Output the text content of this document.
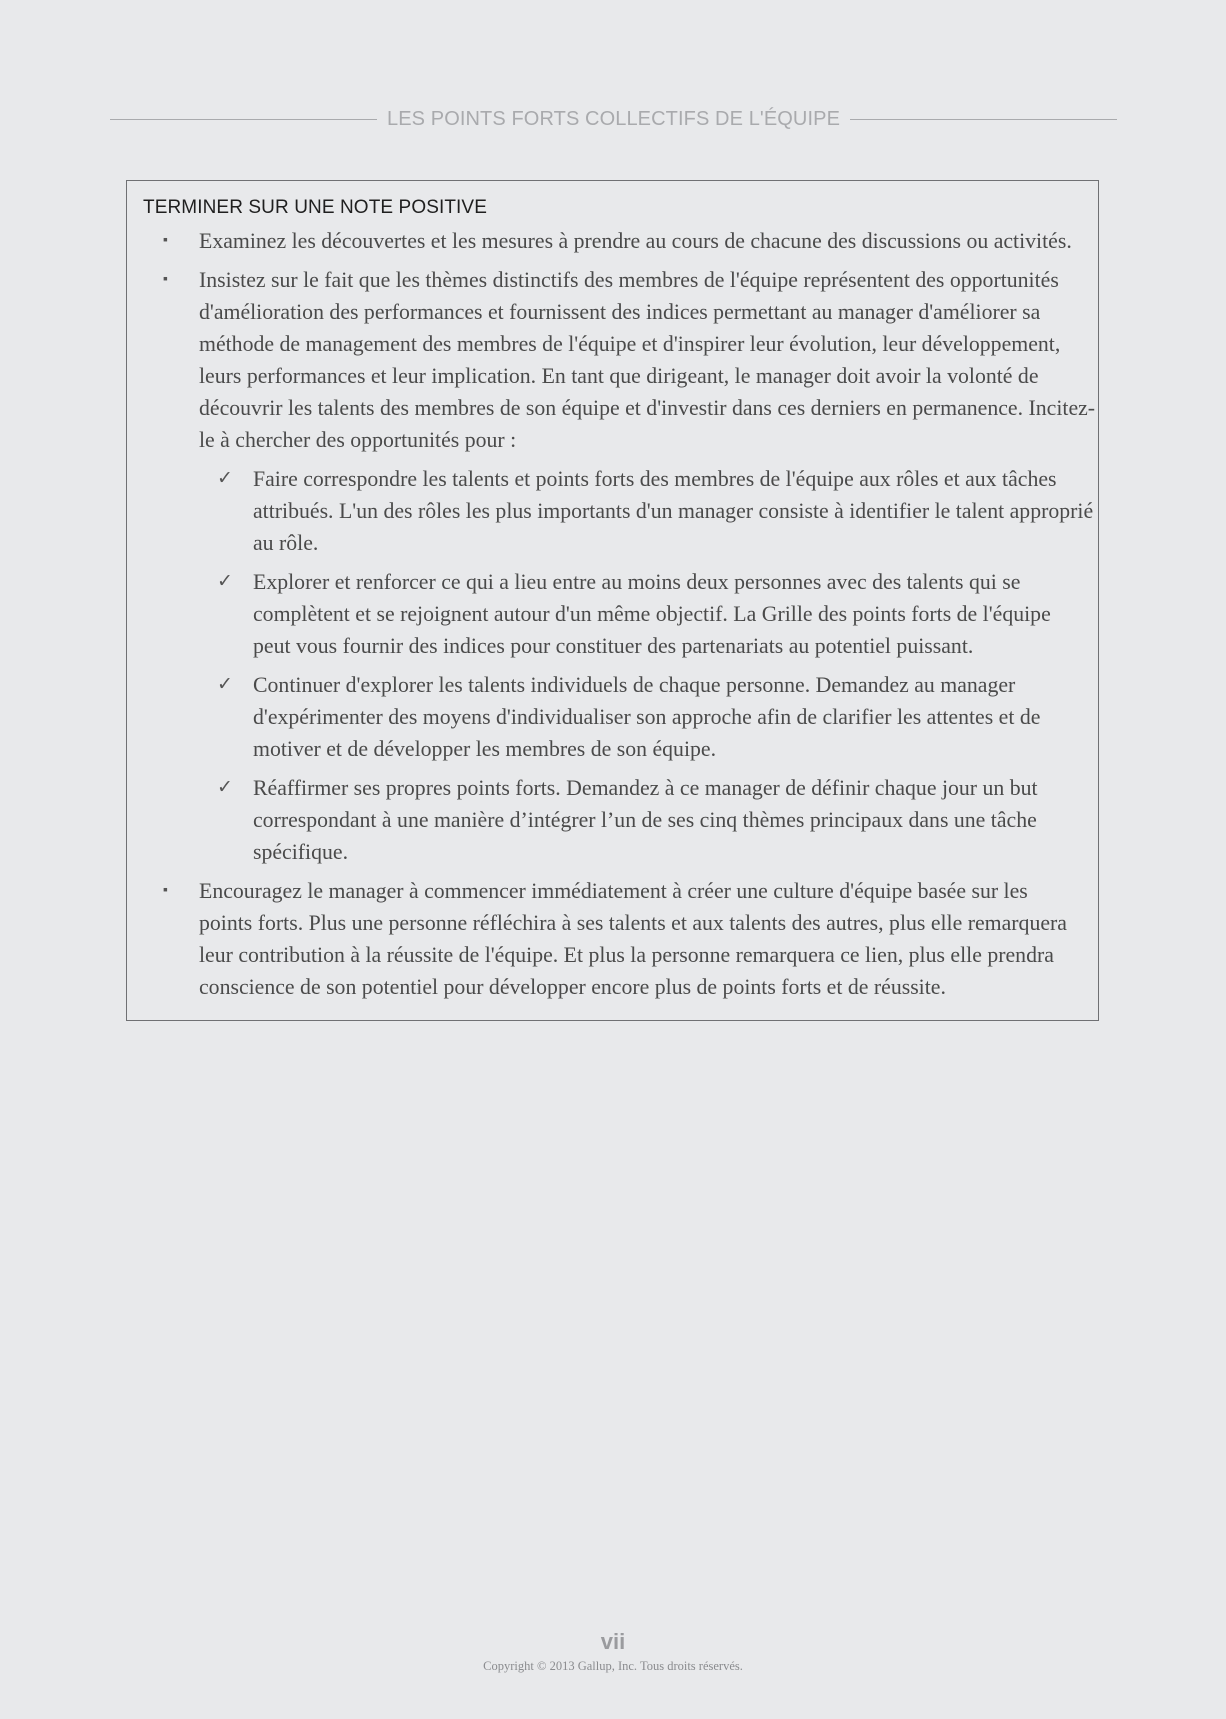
LES POINTS FORTS COLLECTIFS DE L'ÉQUIPE
TERMINER SUR UNE NOTE POSITIVE
▪ Examinez les découvertes et les mesures à prendre au cours de chacune des discussions ou activités.
▪ Insistez sur le fait que les thèmes distinctifs des membres de l'équipe représentent des opportunités
d'amélioration des performances et fournissent des indices permettant au manager d'améliorer sa
méthode de management des membres de l'équipe et d'inspirer leur évolution, leur développement,
leurs performances et leur implication. En tant que dirigeant, le manager doit avoir la volonté de
découvrir les talents des membres de son équipe et d'investir dans ces derniers en permanence. Incitez-
le à chercher des opportunités pour :
✓ Faire correspondre les talents et points forts des membres de l'équipe aux rôles et aux tâches
attribués. L'un des rôles les plus importants d'un manager consiste à identifier le talent approprié
au rôle.
✓ Explorer et renforcer ce qui a lieu entre au moins deux personnes avec des talents qui se
complètent et se rejoignent autour d'un même objectif. La Grille des points forts de l'équipe
peut vous fournir des indices pour constituer des partenariats au potentiel puissant.
✓ Continuer d'explorer les talents individuels de chaque personne. Demandez au manager
d'expérimenter des moyens d'individualiser son approche afin de clarifier les attentes et de
motiver et de développer les membres de son équipe.
✓ Réaffirmer ses propres points forts. Demandez à ce manager de définir chaque jour un but
correspondant à une manière d’intégrer l’un de ses cinq thèmes principaux dans une tâche
spécifique.
▪ Encouragez le manager à commencer immédiatement à créer une culture d'équipe basée sur les
points forts. Plus une personne réfléchira à ses talents et aux talents des autres, plus elle remarquera
leur contribution à la réussite de l'équipe. Et plus la personne remarquera ce lien, plus elle prendra
conscience de son potentiel pour développer encore plus de points forts et de réussite.
vii
Copyright © 2013 Gallup, Inc. Tous droits réservés.
